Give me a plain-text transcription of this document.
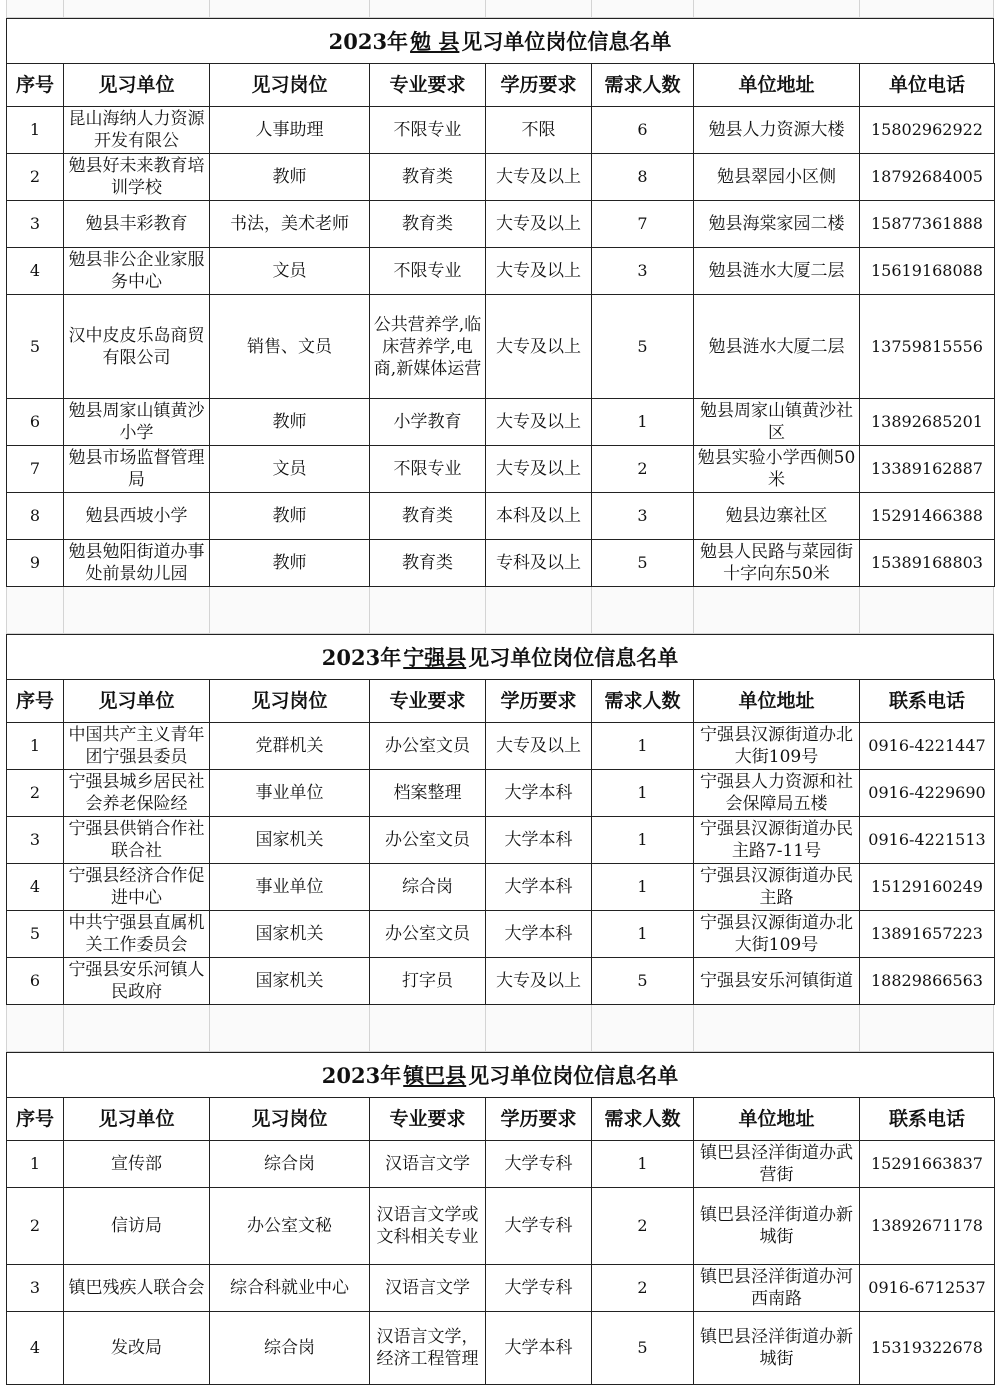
2023年 勉 县 见习单位岗位信息名单
序号	见习单位	见习岗位	专业要求	学历要求	需求人数	单位地址	单位电话
1	昆山海纳人力资源开发有限公	人事助理	不限专业	不限	6	勉县人力资源大楼	15802962922
2	勉县好未来教育培训学校	教师	教育类	大专及以上	8	勉县翠园小区侧	18792684005
3	勉县丰彩教育	书法，美术老师	教育类	大专及以上	7	勉县海棠家园二楼	15877361888
4	勉县非公企业家服务中心	文员	不限专业	大专及以上	3	勉县涟水大厦二层	15619168088
5	汉中皮皮乐岛商贸有限公司	销售、文员	公共营养学,临床营养学,电商,新媒体运营	大专及以上	5	勉县涟水大厦二层	13759815556
6	勉县周家山镇黄沙小学	教师	小学教育	大专及以上	1	勉县周家山镇黄沙社区	13892685201
7	勉县市场监督管理局	文员	不限专业	大专及以上	2	勉县实验小学西侧50米	13389162887
8	勉县西坡小学	教师	教育类	本科及以上	3	勉县边寨社区	15291466388
9	勉县勉阳街道办事处前景幼儿园	教师	教育类	专科及以上	5	勉县人民路与菜园街十字向东50米	15389168803
2023年 宁强县 见习单位岗位信息名单
序号	见习单位	见习岗位	专业要求	学历要求	需求人数	单位地址	联系电话
1	中国共产主义青年团宁强县委员	党群机关	办公室文员	大专及以上	1	宁强县汉源街道办北大街109号	0916-4221447
2	宁强县城乡居民社会养老保险经	事业单位	档案整理	大学本科	1	宁强县人力资源和社会保障局五楼	0916-4229690
3	宁强县供销合作社联合社	国家机关	办公室文员	大学本科	1	宁强县汉源街道办民主路7-11号	0916-4221513
4	宁强县经济合作促进中心	事业单位	综合岗	大学本科	1	宁强县汉源街道办民主路	15129160249
5	中共宁强县直属机关工作委员会	国家机关	办公室文员	大学本科	1	宁强县汉源街道办北大街109号	13891657223
6	宁强县安乐河镇人民政府	国家机关	打字员	大专及以上	5	宁强县安乐河镇街道	18829866563
2023年 镇巴县 见习单位岗位信息名单
序号	见习单位	见习岗位	专业要求	学历要求	需求人数	单位地址	联系电话
1	宣传部	综合岗	汉语言文学	大学专科	1	镇巴县泾洋街道办武营街	15291663837
2	信访局	办公室文秘	汉语言文学或文科相关专业	大学专科	2	镇巴县泾洋街道办新城街	13892671178
3	镇巴残疾人联合会	综合科就业中心	汉语言文学	大学专科	2	镇巴县泾洋街道办河西南路	0916-6712537
4	发改局	综合岗	汉语言文学，经济工程管理	大学本科	5	镇巴县泾洋街道办新城街	15319322678
